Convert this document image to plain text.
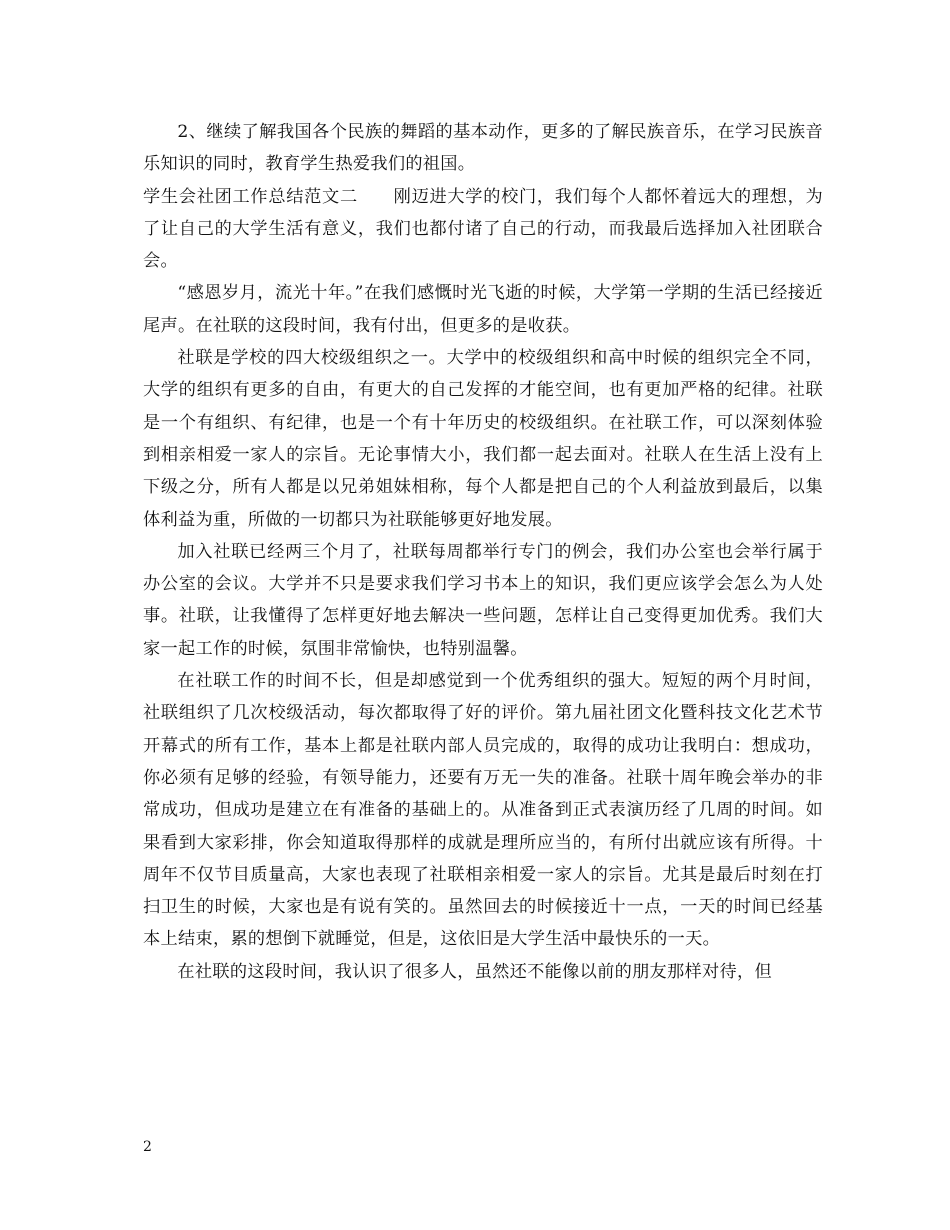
2、继续了解我国各个民族的舞蹈的基本动作，更多的了解民族音乐，在学习民族音乐知识的同时，教育学生热爱我们的祖国。

学生会社团工作总结范文二　　刚迈进大学的校门，我们每个人都怀着远大的理想，为了让自己的大学生活有意义，我们也都付诸了自己的行动，而我最后选择加入社团联合会。

“感恩岁月，流光十年。”在我们感慨时光飞逝的时候，大学第一学期的生活已经接近尾声。在社联的这段时间，我有付出，但更多的是收获。

社联是学校的四大校级组织之一。大学中的校级组织和高中时候的组织完全不同，大学的组织有更多的自由，有更大的自己发挥的才能空间，也有更加严格的纪律。社联是一个有组织、有纪律，也是一个有十年历史的校级组织。在社联工作，可以深刻体验到相亲相爱一家人的宗旨。无论事情大小，我们都一起去面对。社联人在生活上没有上下级之分，所有人都是以兄弟姐妹相称，每个人都是把自己的个人利益放到最后，以集体利益为重，所做的一切都只为社联能够更好地发展。

加入社联已经两三个月了，社联每周都举行专门的例会，我们办公室也会举行属于办公室的会议。大学并不只是要求我们学习书本上的知识，我们更应该学会怎么为人处事。社联，让我懂得了怎样更好地去解决一些问题，怎样让自己变得更加优秀。我们大家一起工作的时候，氛围非常愉快，也特别温馨。

在社联工作的时间不长，但是却感觉到一个优秀组织的强大。短短的两个月时间，社联组织了几次校级活动，每次都取得了好的评价。第九届社团文化暨科技文化艺术节开幕式的所有工作，基本上都是社联内部人员完成的，取得的成功让我明白：想成功，你必须有足够的经验，有领导能力，还要有万无一失的准备。社联十周年晚会举办的非常成功，但成功是建立在有准备的基础上的。从准备到正式表演历经了几周的时间。如果看到大家彩排，你会知道取得那样的成就是理所应当的，有所付出就应该有所得。十周年不仅节目质量高，大家也表现了社联相亲相爱一家人的宗旨。尤其是最后时刻在打扫卫生的时候，大家也是有说有笑的。虽然回去的时候接近十一点，一天的时间已经基本上结束，累的想倒下就睡觉，但是，这依旧是大学生活中最快乐的一天。

在社联的这段时间，我认识了很多人，虽然还不能像以前的朋友那样对待，但

2
